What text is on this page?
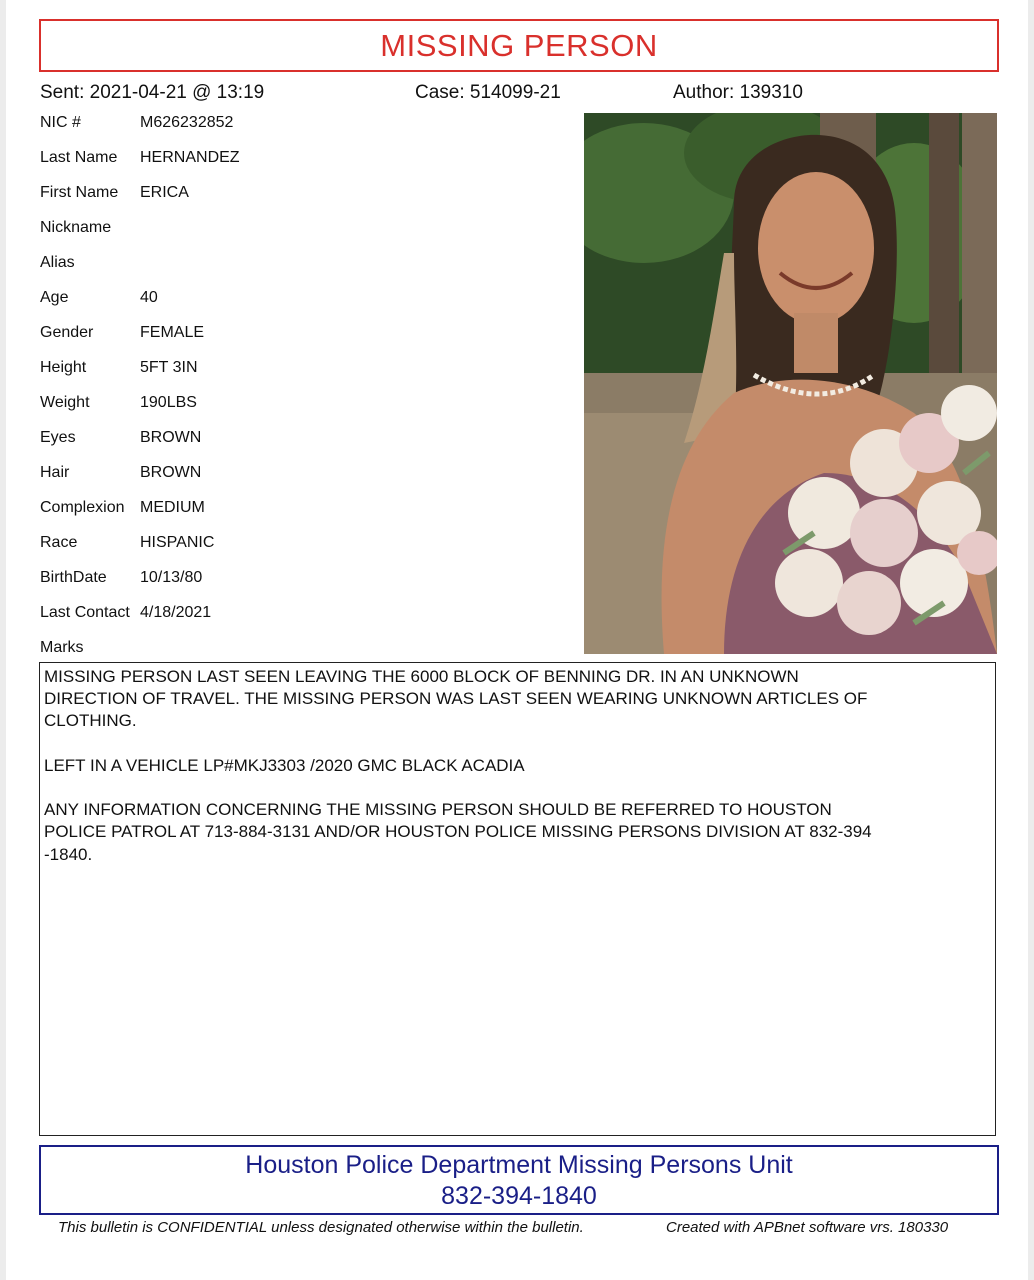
MISSING PERSON
Sent: 2021-04-21 @ 13:19	Case: 514099-21	Author: 139310
NIC #	M626232852
Last Name HERNANDEZ
First Name ERICA
Nickname
Alias
Age	40
Gender	FEMALE
Height	5FT 3IN
Weight	190LBS
Eyes	BROWN
Hair	BROWN
Complexion MEDIUM
Race	HISPANIC
BirthDate 10/13/80
Last Contact 4/18/2021
Marks
MISSING PERSON LAST SEEN LEAVING THE 6000 BLOCK OF BENNING DR. IN AN UNKNOWN
DIRECTION OF TRAVEL. THE MISSING PERSON WAS LAST SEEN WEARING UNKNOWN ARTICLES OF
CLOTHING.

LEFT IN A VEHICLE LP#MKJ3303 /2020 GMC BLACK ACADIA

ANY INFORMATION CONCERNING THE MISSING PERSON SHOULD BE REFERRED TO HOUSTON
POLICE PATROL AT 713-884-3131 AND/OR HOUSTON POLICE MISSING PERSONS DIVISION AT 832-394
-1840.
Houston Police Department Missing Persons Unit
832-394-1840
This bulletin is CONFIDENTIAL unless designated otherwise within the bulletin.	Created with APBnet software vrs. 180330
